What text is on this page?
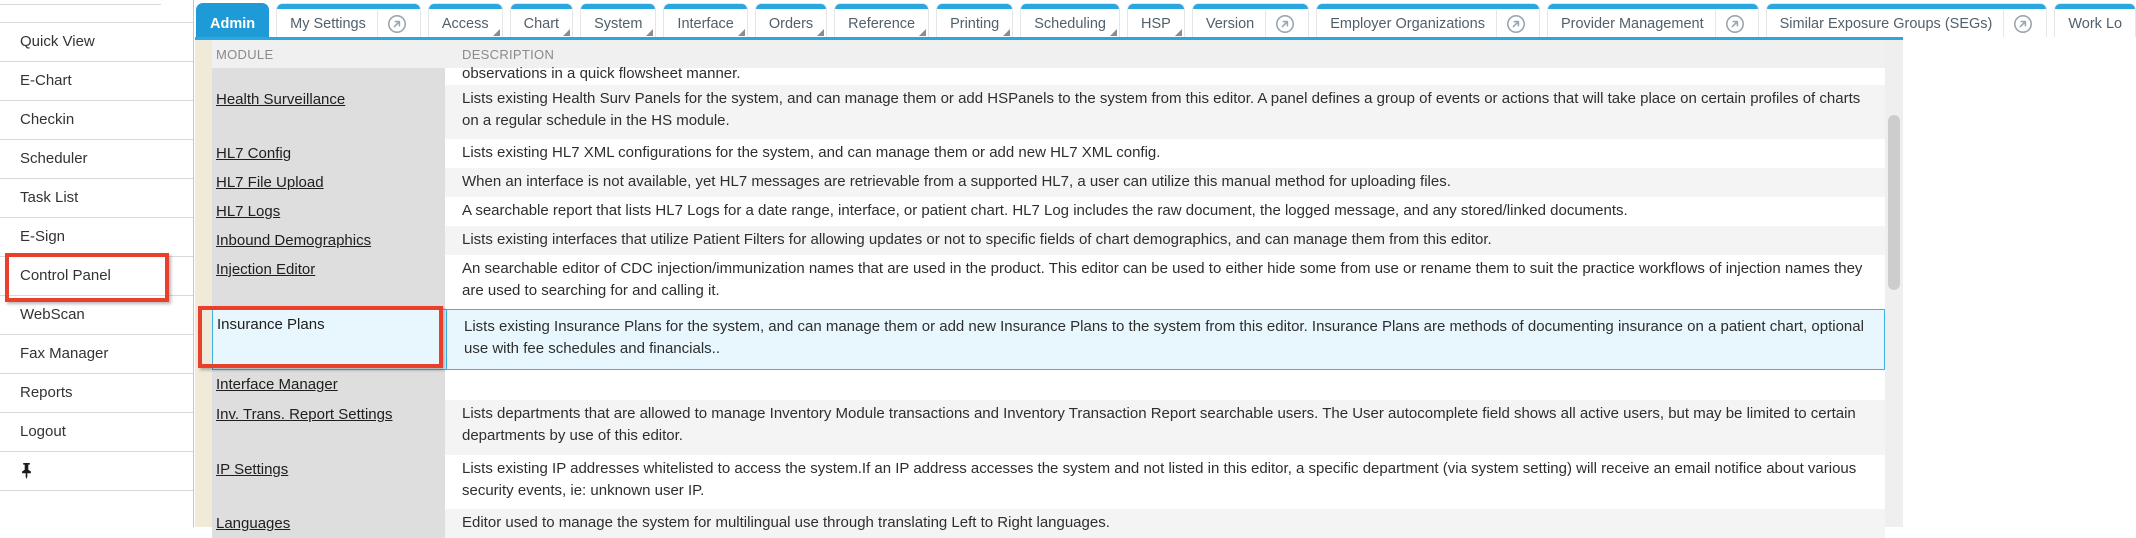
Quick View
E-Chart
Checkin
Scheduler
Task List
E-Sign
Control Panel
WebScan
Fax Manager
Reports
Logout
Admin My Settings	Access Chart System Interface Orders Reference Printing Scheduling HSP Version	Employer Organizations	Provider Management	Similar Exposure Groups (SEGs)	Work Lo
MODULE	DESCRIPTION
observations in a quick flowsheet manner.
Health Surveillance	Lists existing Health Surv Panels for the system, and can manage them or add HSPanels to the system from this editor. A panel defines a group of events or actions that will take place on certain profiles of charts on a regular schedule in the HS module.
HL7 Config	Lists existing HL7 XML configurations for the system, and can manage them or add new HL7 XML config.
HL7 File Upload	When an interface is not available, yet HL7 messages are retrievable from a supported HL7, a user can utilize this manual method for uploading files.
HL7 Logs	A searchable report that lists HL7 Logs for a date range, interface, or patient chart. HL7 Log includes the raw document, the logged message, and any stored/linked documents.
Inbound Demographics	Lists existing interfaces that utilize Patient Filters for allowing updates or not to specific fields of chart demographics, and can manage them from this editor.
Injection Editor	An searchable editor of CDC injection/immunization names that are used in the product. This editor can be used to either hide some from use or rename them to suit the practice workflows of injection names they are used to searching for and calling it.
Insurance Plans	Lists existing Insurance Plans for the system, and can manage them or add new Insurance Plans to the system from this editor. Insurance Plans are methods of documenting insurance on a patient chart, optional use with fee schedules and financials..
Interface Manager
Inv. Trans. Report Settings	Lists departments that are allowed to manage Inventory Module transactions and Inventory Transaction Report searchable users. The User autocomplete field shows all active users, but may be limited to certain departments by use of this editor.
IP Settings	Lists existing IP addresses whitelisted to access the system.If an IP address accesses the system and not listed in this editor, a specific department (via system setting) will receive an email notifice about various security events, ie: unknown user IP.
Languages	Editor used to manage the system for multilingual use through translating Left to Right languages.
